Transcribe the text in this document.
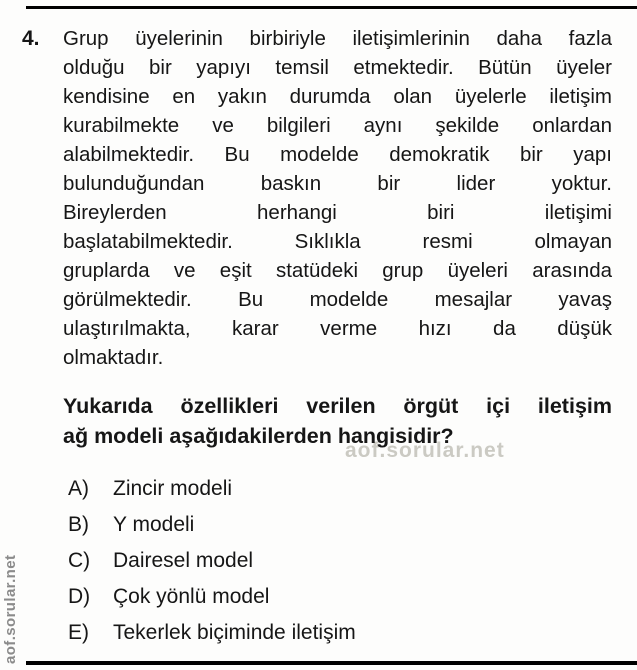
aof.sorular.net
aof.sorular.net
4. Grup üyelerinin birbiriyle iletişimlerinin daha fazla
olduğu bir yapıyı temsil etmektedir. Bütün üyeler
kendisine en yakın durumda olan üyelerle iletişim
kurabilmekte ve bilgileri aynı şekilde onlardan
alabilmektedir. Bu modelde demokratik bir yapı
bulunduğundan baskın bir lider yoktur.
Bireylerden herhangi biri iletişimi
başlatabilmektedir. Sıklıkla resmi olmayan
gruplarda ve eşit statüdeki grup üyeleri arasında
görülmektedir. Bu modelde mesajlar yavaş
ulaştırılmakta, karar verme hızı da düşük
olmaktadır.
Yukarıda özellikleri verilen örgüt içi iletişim
ağ modeli aşağıdakilerden hangisidir?
A)	Zincir modeli
B)	Y modeli
C)	Dairesel model
D)	Çok yönlü model
E)	Tekerlek biçiminde iletişim
